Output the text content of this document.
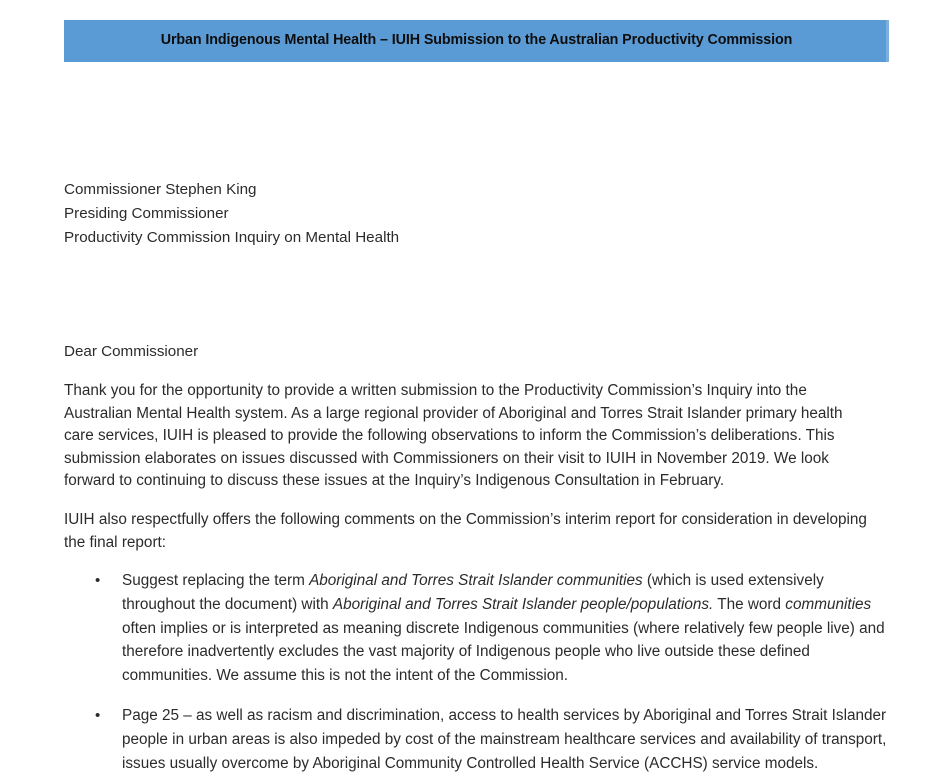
Urban Indigenous Mental Health – IUIH Submission to the Australian Productivity Commission
Commissioner Stephen King
Presiding Commissioner
Productivity Commission Inquiry on Mental Health
Dear Commissioner

Thank you for the opportunity to provide a written submission to the Productivity Commission’s Inquiry into the Australian Mental Health system. As a large regional provider of Aboriginal and Torres Strait Islander primary health care services, IUIH is pleased to provide the following observations to inform the Commission’s deliberations. This submission elaborates on issues discussed with Commissioners on their visit to IUIH in November 2019. We look forward to continuing to discuss these issues at the Inquiry’s Indigenous Consultation in February.

IUIH also respectfully offers the following comments on the Commission’s interim report for consideration in developing the final report:

•	Suggest replacing the term Aboriginal and Torres Strait Islander communities (which is used extensively throughout the document) with Aboriginal and Torres Strait Islander people/populations. The word communities often implies or is interpreted as meaning discrete Indigenous communities (where relatively few people live) and therefore inadvertently excludes the vast majority of Indigenous people who live outside these defined communities. We assume this is not the intent of the Commission.
•	Page 25 – as well as racism and discrimination, access to health services by Aboriginal and Torres Strait Islander people in urban areas is also impeded by cost of the mainstream healthcare services and availability of transport, issues usually overcome by Aboriginal Community Controlled Health Service (ACCHS) service models.
